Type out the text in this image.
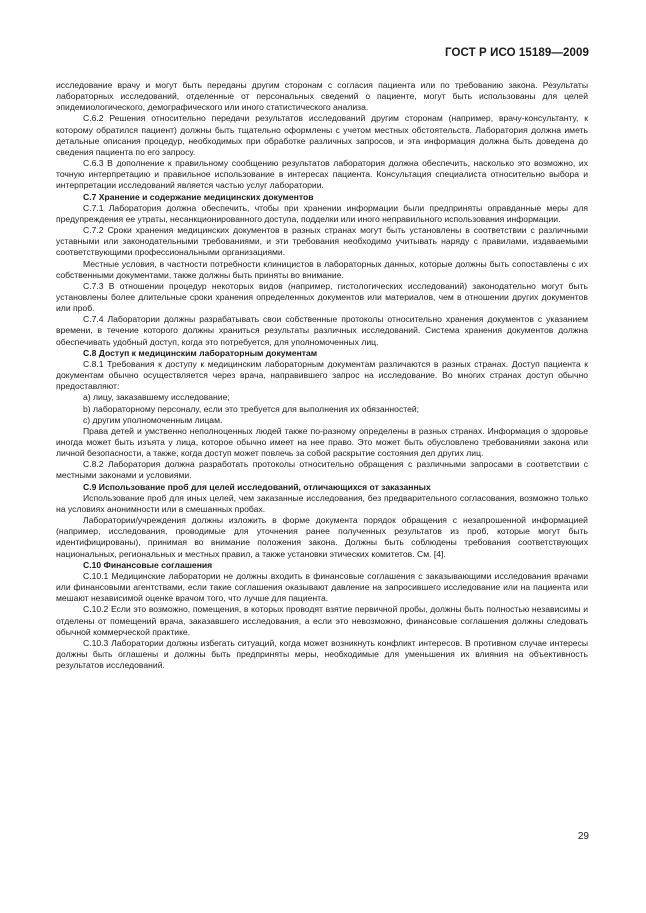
ГОСТ Р ИСО 15189—2009

исследование врачу и могут быть переданы другим сторонам с согласия пациента или по требованию закона. Результаты лабораторных исследований, отделенные от персональных сведений о пациенте, могут быть использованы для целей эпидемиологического, демографического или иного статистического анализа.

С.6.2 Решения относительно передачи результатов исследований другим сторонам (например, врачу-консультанту, к которому обратился пациент) должны быть тщательно оформлены с учетом местных обстоятельств. Лаборатория должна иметь детальные описания процедур, необходимых при обработке различных запросов, и эта информация должна быть доведена до сведения пациента по его запросу.

С.6.3 В дополнение к правильному сообщению результатов лаборатория должна обеспечить, насколько это возможно, их точную интерпретацию и правильное использование в интересах пациента. Консультация специалиста относительно выбора и интерпретации исследований является частью услуг лаборатории.

С.7 Хранение и содержание медицинских документов

С.7.1 Лаборатория должна обеспечить, чтобы при хранении информации были предприняты оправданные меры для предупреждения ее утраты, несанкционированного доступа, подделки или иного неправильного использования информации.

С.7.2 Сроки хранения медицинских документов в разных странах могут быть установлены в соответствии с различными уставными или законодательными требованиями, и эти требования необходимо учитывать наряду с правилами, издаваемыми соответствующими профессиональными организациями.

Местные условия, в частности потребности клиницистов в лабораторных данных, которые должны быть сопоставлены с их собственными документами, также должны быть приняты во внимание.

С.7.3 В отношении процедур некоторых видов (например, гистологических исследований) законодательно могут быть установлены более длительные сроки хранения определенных документов или материалов, чем в отношении других документов или проб.

С.7.4 Лаборатории должны разрабатывать свои собственные протоколы относительно хранения документов с указанием времени, в течение которого должны храниться результаты различных исследований. Система хранения документов должна обеспечивать удобный доступ, когда это потребуется, для уполномоченных лиц.

С.8 Доступ к медицинским лабораторным документам

С.8.1 Требования к доступу к медицинским лабораторным документам различаются в разных странах. Доступ пациента к документам обычно осуществляется через врача, направившего запрос на исследование. Во многих странах доступ обычно предоставляют:

a) лицу, заказавшему исследование;

b) лабораторному персоналу, если это требуется для выполнения их обязанностей;

c) другим уполномоченным лицам.

Права детей и умственно неполноценных людей также по-разному определены в разных странах. Информация о здоровье иногда может быть изъята у лица, которое обычно имеет на нее право. Это может быть обусловлено требованиями закона или личной безопасности, а также, когда доступ может повлечь за собой раскрытие состояния дел других лиц.

С.8.2 Лаборатория должна разработать протоколы относительно обращения с различными запросами в соответствии с местными законами и условиями.

С.9 Использование проб для целей исследований, отличающихся от заказанных

Использование проб для иных целей, чем заказанные исследования, без предварительного согласования, возможно только на условиях анонимности или в смешанных пробах.

Лаборатории/учреждения должны изложить в форме документа порядок обращения с незапрошенной информацией (например, исследования, проводимые для уточнения ранее полученных результатов из проб, которые могут быть идентифицированы), принимая во внимание положения закона. Должны быть соблюдены требования соответствующих национальных, региональных и местных правил, а также установки этических комитетов. См. [4].

С.10 Финансовые соглашения

С.10.1 Медицинские лаборатории не должны входить в финансовые соглашения с заказывающими исследования врачами или финансовыми агентствами, если такие соглашения оказывают давление на запросившего исследование или на пациента или мешают независимой оценке врачом того, что лучше для пациента.

С.10.2 Если это возможно, помещения, в которых проводят взятие первичной пробы, должны быть полностью независимы и отделены от помещений врача, заказавшего исследования, а если это невозможно, финансовые соглашения должны следовать обычной коммерческой практике.

С.10.3 Лаборатории должны избегать ситуаций, когда может возникнуть конфликт интересов. В противном случае интересы должны быть оглашены и должны быть предприняты меры, необходимые для уменьшения их влияния на объективность результатов исследований.

29
